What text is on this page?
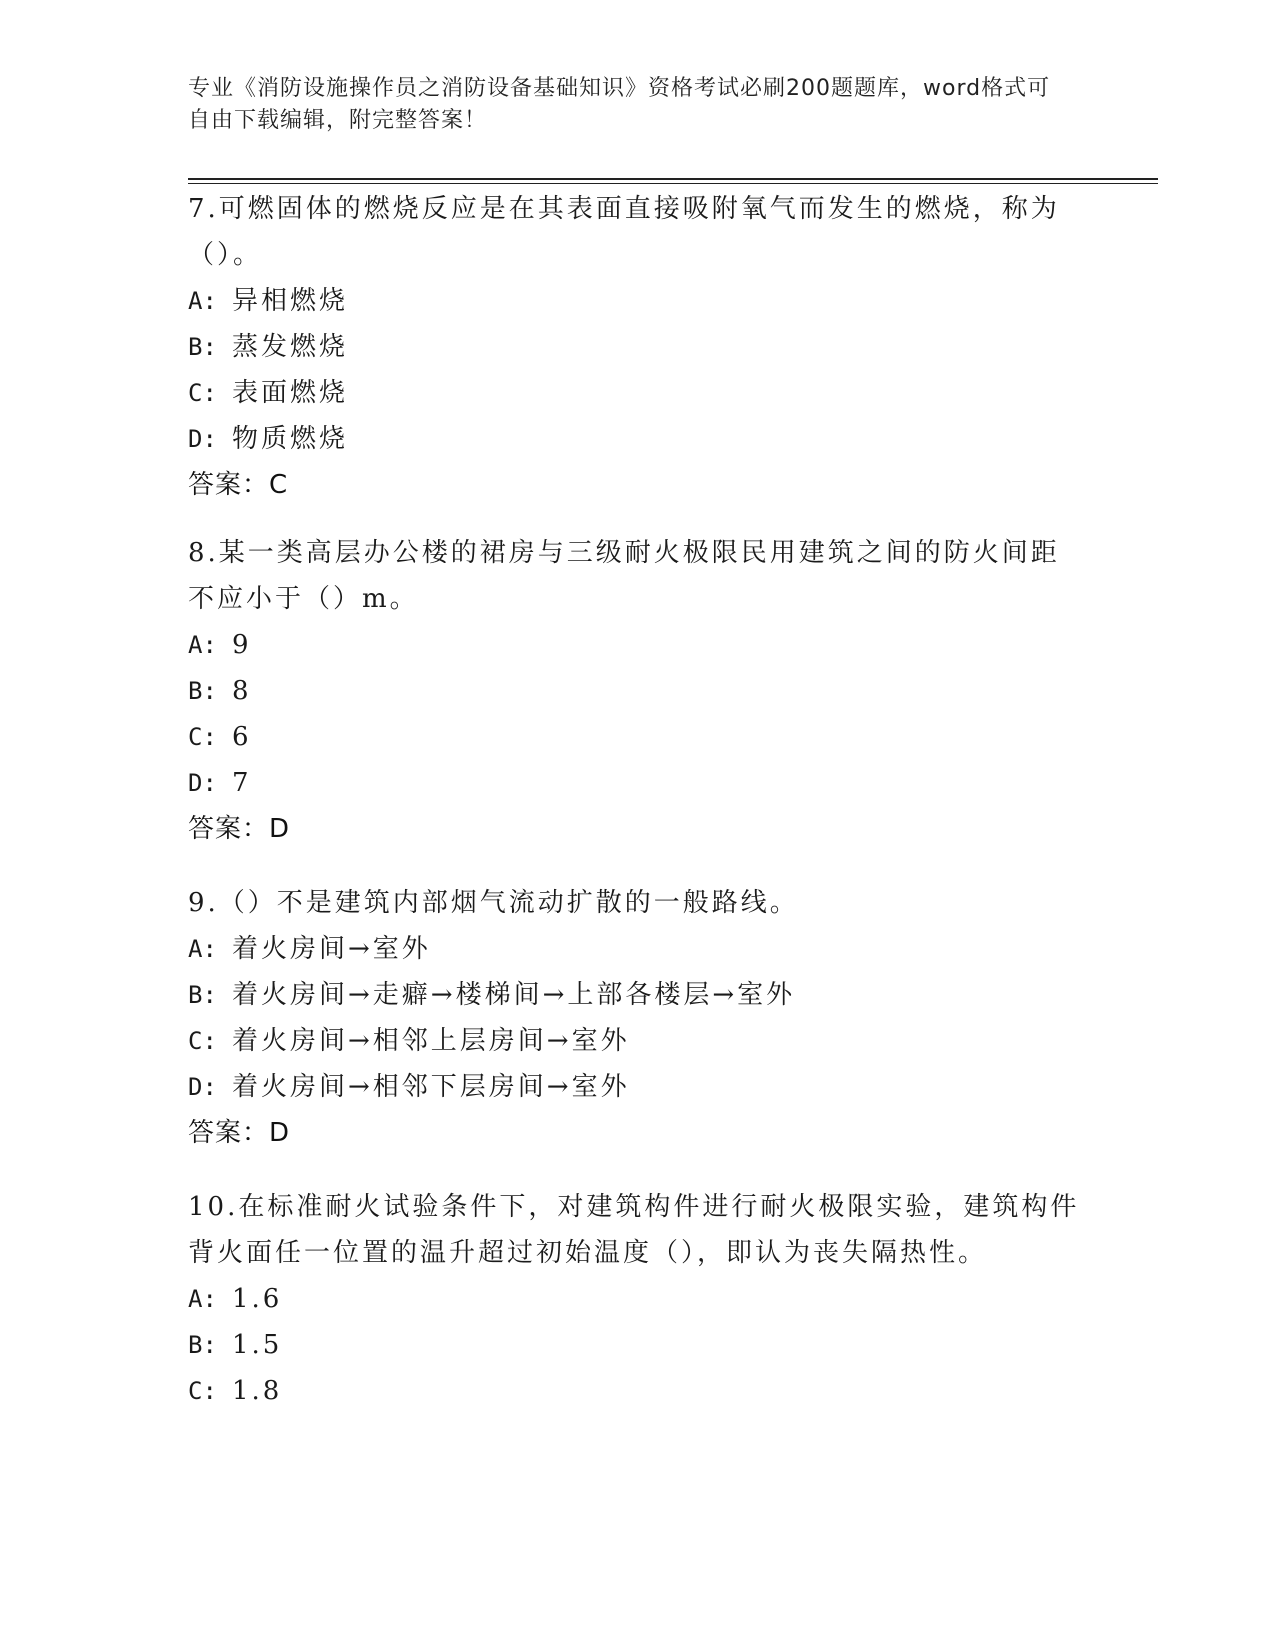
专业《消防设施操作员之消防设备基础知识》资格考试必刷200题题库，word格式可自由下载编辑，附完整答案！

7.可燃固体的燃烧反应是在其表面直接吸附氧气而发生的燃烧，称为（）。

A: 异相燃烧

B: 蒸发燃烧

C: 表面燃烧

D: 物质燃烧

答案：C

8.某一类高层办公楼的裙房与三级耐火极限民用建筑之间的防火间距不应小于（）m。

A: 9

B: 8

C: 6

D: 7

答案：D

9.（）不是建筑内部烟气流动扩散的一般路线。

A: 着火房间→室外

B: 着火房间→走癖→楼梯间→上部各楼层→室外

C: 着火房间→相邻上层房间→室外

D: 着火房间→相邻下层房间→室外

答案：D

10.在标准耐火试验条件下，对建筑构件进行耐火极限实验，建筑构件背火面任一位置的温升超过初始温度（），即认为丧失隔热性。

A: 1.6

B: 1.5

C: 1.8
